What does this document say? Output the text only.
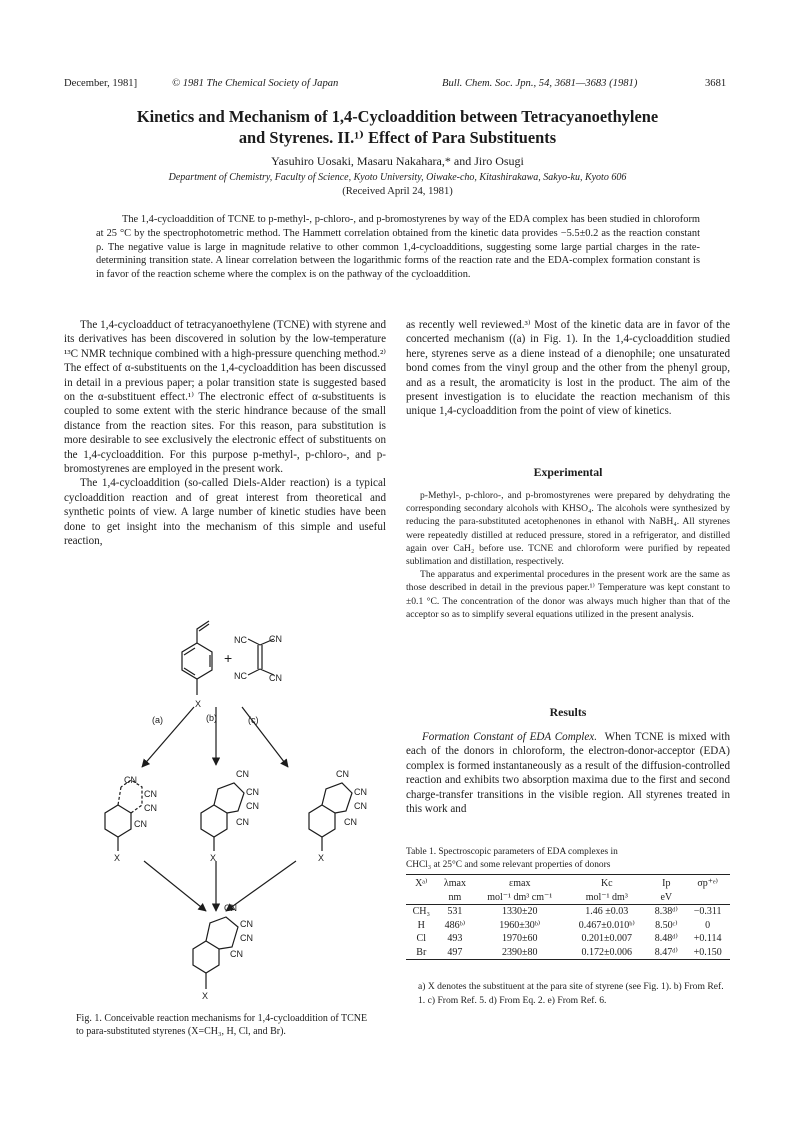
December, 1981]	© 1981 The Chemical Society of Japan	Bull. Chem. Soc. Jpn., 54, 3681—3683 (1981)	3681
Kinetics and Mechanism of 1,4-Cycloaddition between Tetracyanoethylene
and Styrenes. II.¹⁾ Effect of Para Substituents
Yasuhiro Uosaki, Masaru Nakahara,* and Jiro Osugi
Department of Chemistry, Faculty of Science, Kyoto University, Oiwake-cho, Kitashirakawa, Sakyo-ku, Kyoto 606
(Received April 24, 1981)

The 1,4-cycloaddition of TCNE to p-methyl-, p-chloro-, and p-bromostyrenes by way of the EDA complex has been studied in chloroform at 25 °C by the spectrophotometric method. The Hammett correlation obtained from the kinetic data provides −5.5±0.2 as the reaction constant ρ. The negative value is large in magnitude relative to other common 1,4-cycloadditions, suggesting some large partial charges in the rate-determining transition state. A linear correlation between the logarithmic forms of the reaction rate and the EDA-complex formation constant is in favor of the reaction scheme where the complex is on the pathway of the cycloaddition.

The 1,4-cycloadduct of tetracyanoethylene (TCNE) with styrene and its derivatives has been discovered in solution by the low-temperature ¹³C NMR technique combined with a high-pressure quenching method.²⁾ The effect of α-substituents on the 1,4-cycloaddition has been discussed in detail in a previous paper; a polar transition state is suggested based on the α-substituent effect.¹⁾ The electronic effect of α-substituents is coupled to some extent with the steric hindrance because of the small distance from the reaction sites. For this reason, para substitution is more desirable to see exclusively the electronic effect of substituents on the 1,4-cycloaddition. For this purpose p-methyl-, p-chloro-, and p-bromostyrenes are employed in the present work.

The 1,4-cycloaddition (so-called Diels-Alder reaction) is a typical cycloaddition reaction and of great interest from theoretical and synthetic points of view. A large number of kinetic studies have been done to get insight into the mechanism of this simple and useful reaction,

X
+
NC CN
NC CN
(a)	(b)	(c)
CN
CN
CN
CN
X
CN
CN
CN
CN
X
CN
CN
CN
CN
X
CN
CN
CN
CN
X
Fig. 1. Conceivable reaction mechanisms for 1,4-cycloaddition of TCNE to para-substituted styrenes (X=CH₃, H, Cl, and Br).

as recently well reviewed.³⁾ Most of the kinetic data are in favor of the concerted mechanism ((a) in Fig. 1). In the 1,4-cycloaddition studied here, styrenes serve as a diene instead of a dienophile; one unsaturated bond comes from the vinyl group and the other from the phenyl group, and as a result, the aromaticity is lost in the product. The aim of the present investigation is to elucidate the reaction mechanism of this unique 1,4-cycloaddition from the point of view of kinetics.

Experimental

p-Methyl-, p-chloro-, and p-bromostyrenes were prepared by dehydrating the corresponding secondary alcohols with KHSO₄. The alcohols were synthesized by reducing the para-substituted acetophenones in ethanol with NaBH₄. All styrenes were repeatedly distilled at reduced pressure, stored in a refrigerator, and distilled again over CaH₂ before use. TCNE and chloroform were purified by repeated sublimation and distillation, respectively.

The apparatus and experimental procedures in the present work are the same as those described in detail in the previous paper.¹⁾ Temperature was kept constant to ±0.1 °C. The concentration of the donor was always much higher than that of the acceptor so as to simplify several equations utilized in the present analysis.

Results

Formation Constant of EDA Complex. When TCNE is mixed with each of the donors in chloroform, the electron-donor-acceptor (EDA) complex is formed instantaneously as a result of the diffusion-controlled reaction and exhibits two absorption maxima due to the first and second charge-transfer transitions in the visible region. All styrenes treated in this work and

Table 1. Spectroscopic parameters of EDA complexes in
CHCl₃ at 25°C and some relevant properties of donors
Xᵃ⁾	λmax	εmax	Kc	Ip	σp⁺ᵉ⁾
	nm	mol⁻¹ dm³ cm⁻¹	mol⁻¹ dm³	eV	
CH₃	531	1330±20	1.46 ±0.03	8.38ᵈ⁾	−0.311
H	486ᵇ⁾	1960±30ᵇ⁾	0.467±0.010ᵇ⁾	8.50ᶜ⁾	0
Cl	493	1970±60	0.201±0.007	8.48ᵈ⁾	+0.114
Br	497	2390±80	0.172±0.006	8.47ᵈ⁾	+0.150
a) X denotes the substituent at the para site of styrene (see Fig. 1). b) From Ref. 1. c) From Ref. 5. d) From Eq. 2. e) From Ref. 6.
